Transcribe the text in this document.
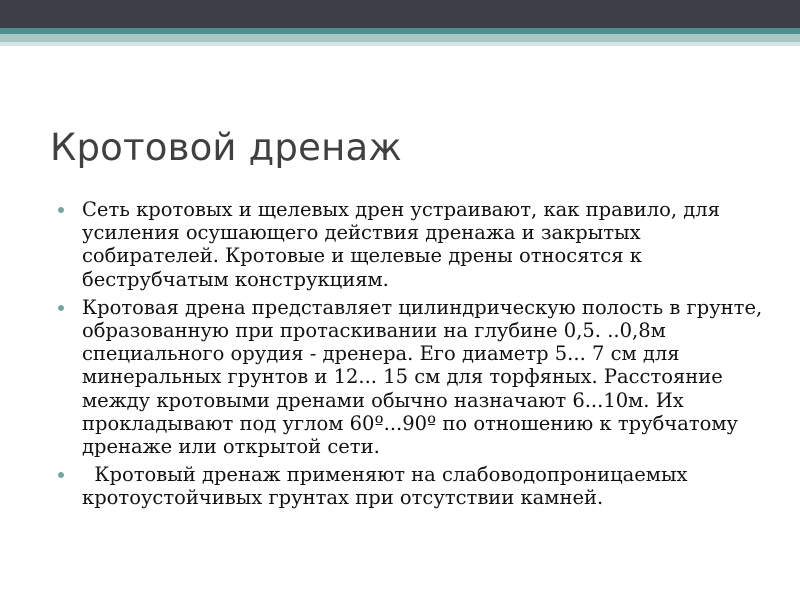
Кротовой дренаж
Сеть кротовых и щелевых дрен устраивают, как правило, для усиления осушающего действия дренажа и закрытых собирателей. Кротовые и щелевые дрены относятся к беструбчатым конструкциям.
Кротовая дрена представляет цилиндрическую полость в грунте, образованную при протаскивании на глубине 0,5. ..0,8м специального орудия - дренера. Его диаметр 5... 7 см для минеральных грунтов и 12... 15 см для торфяных. Расстояние между кротовыми дренами обычно назначают 6...10м. Их прокладывают под углом 60º...90º по отношению к трубчатому дренаже или открытой сети.
Кротовый дренаж применяют на слабоводопроницаемых кротоустойчивых грунтах при отсутствии камней.
